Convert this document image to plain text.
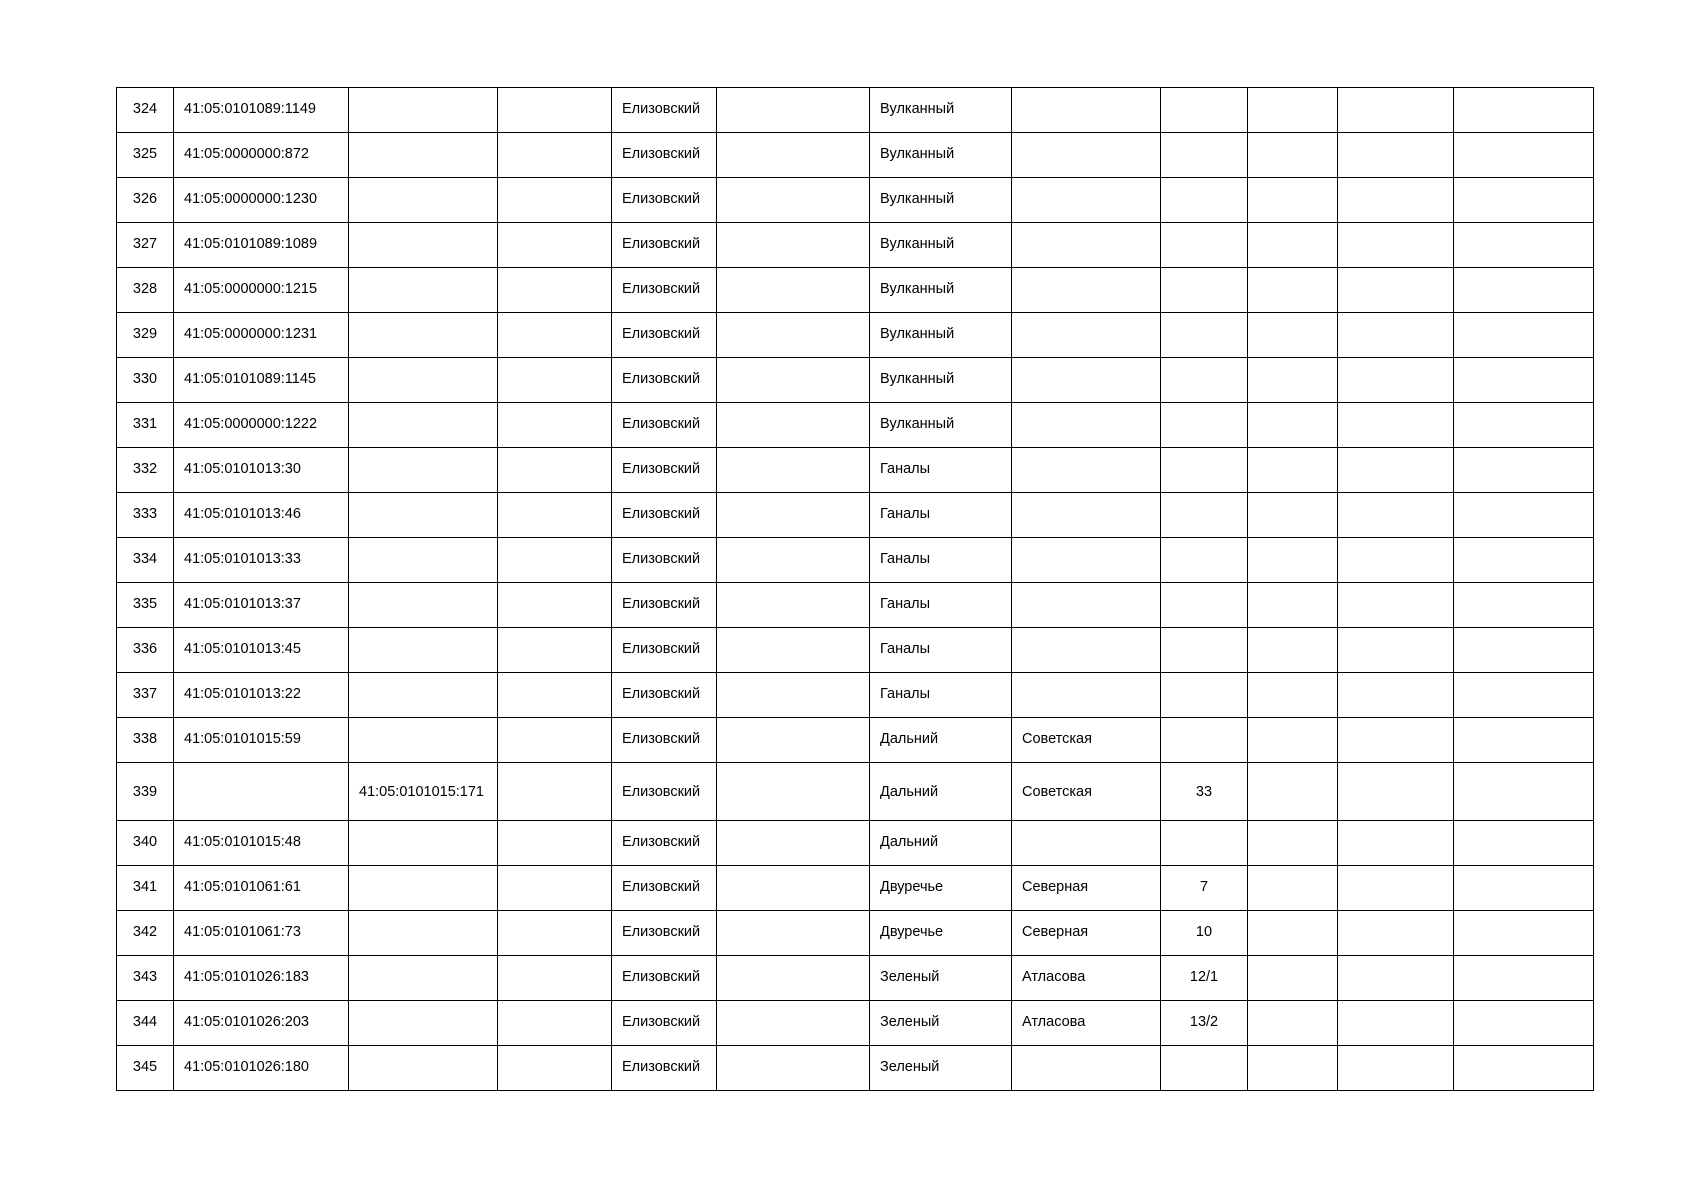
324	41:05:0101089:1149			Елизовский		Вулканный					
325	41:05:0000000:872			Елизовский		Вулканный					
326	41:05:0000000:1230			Елизовский		Вулканный					
327	41:05:0101089:1089			Елизовский		Вулканный					
328	41:05:0000000:1215			Елизовский		Вулканный					
329	41:05:0000000:1231			Елизовский		Вулканный					
330	41:05:0101089:1145			Елизовский		Вулканный					
331	41:05:0000000:1222			Елизовский		Вулканный					
332	41:05:0101013:30			Елизовский		Ганалы					
333	41:05:0101013:46			Елизовский		Ганалы					
334	41:05:0101013:33			Елизовский		Ганалы					
335	41:05:0101013:37			Елизовский		Ганалы					
336	41:05:0101013:45			Елизовский		Ганалы					
337	41:05:0101013:22			Елизовский		Ганалы					
338	41:05:0101015:59			Елизовский		Дальний	Советская				
339		41:05:0101015:171		Елизовский		Дальний	Советская	33			
340	41:05:0101015:48			Елизовский		Дальний					
341	41:05:0101061:61			Елизовский		Двуречье	Северная	7			
342	41:05:0101061:73			Елизовский		Двуречье	Северная	10			
343	41:05:0101026:183			Елизовский		Зеленый	Атласова	12/1			
344	41:05:0101026:203			Елизовский		Зеленый	Атласова	13/2			
345	41:05:0101026:180			Елизовский		Зеленый					
